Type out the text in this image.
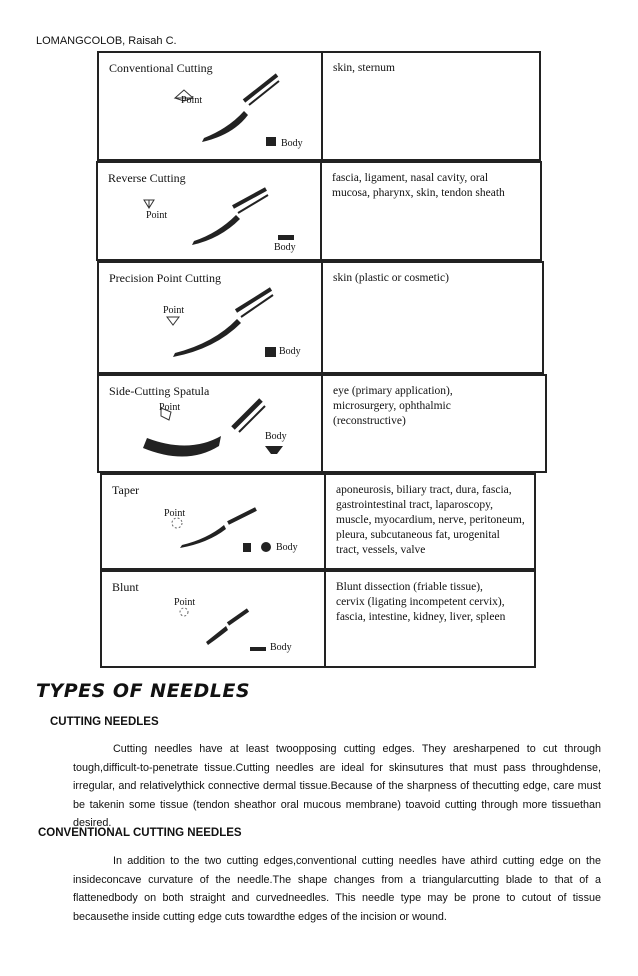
LOMANGCOLOB, Raisah C.
Conventional Cutting
Point
Body
skin, sternum
Reverse Cutting
Point
Body
fascia, ligament, nasal cavity, oral
mucosa, pharynx, skin, tendon sheath
Precision Point Cutting
Point
Body
skin (plastic or cosmetic)
Side-Cutting Spatula
Point
Body
eye (primary application),
microsurgery, ophthalmic
(reconstructive)
Taper
Point
Body
aponeurosis, biliary tract, dura, fascia,
gastrointestinal tract, laparoscopy,
muscle, myocardium, nerve, peritoneum,
pleura, subcutaneous fat, urogenital
tract, vessels, valve
Blunt
Point
Body
Blunt dissection (friable tissue),
cervix (ligating incompetent cervix),
fascia, intestine, kidney, liver, spleen
TYPES OF NEEDLES
CUTTING NEEDLES
Cutting needles have at least twoopposing cutting edges. They aresharpened to cut through tough,difficult-to-penetrate tissue.Cutting needles are ideal for skinsutures that must pass throughdense, irregular, and relativelythick connective dermal tissue.Because of the sharpness of thecutting edge, care must be takenin some tissue (tendon sheathor oral mucous membrane) toavoid cutting through more tissuethan desired.
CONVENTIONAL CUTTING NEEDLES
In addition to the two cutting edges,conventional cutting needles have athird cutting edge on the insideconcave curvature of the needle.The shape changes from a triangularcutting blade to that of a flattenedbody on both straight and curvedneedles. This needle type may be prone to cutout of tissue becausethe inside cutting edge cuts towardthe edges of the incision or wound.
